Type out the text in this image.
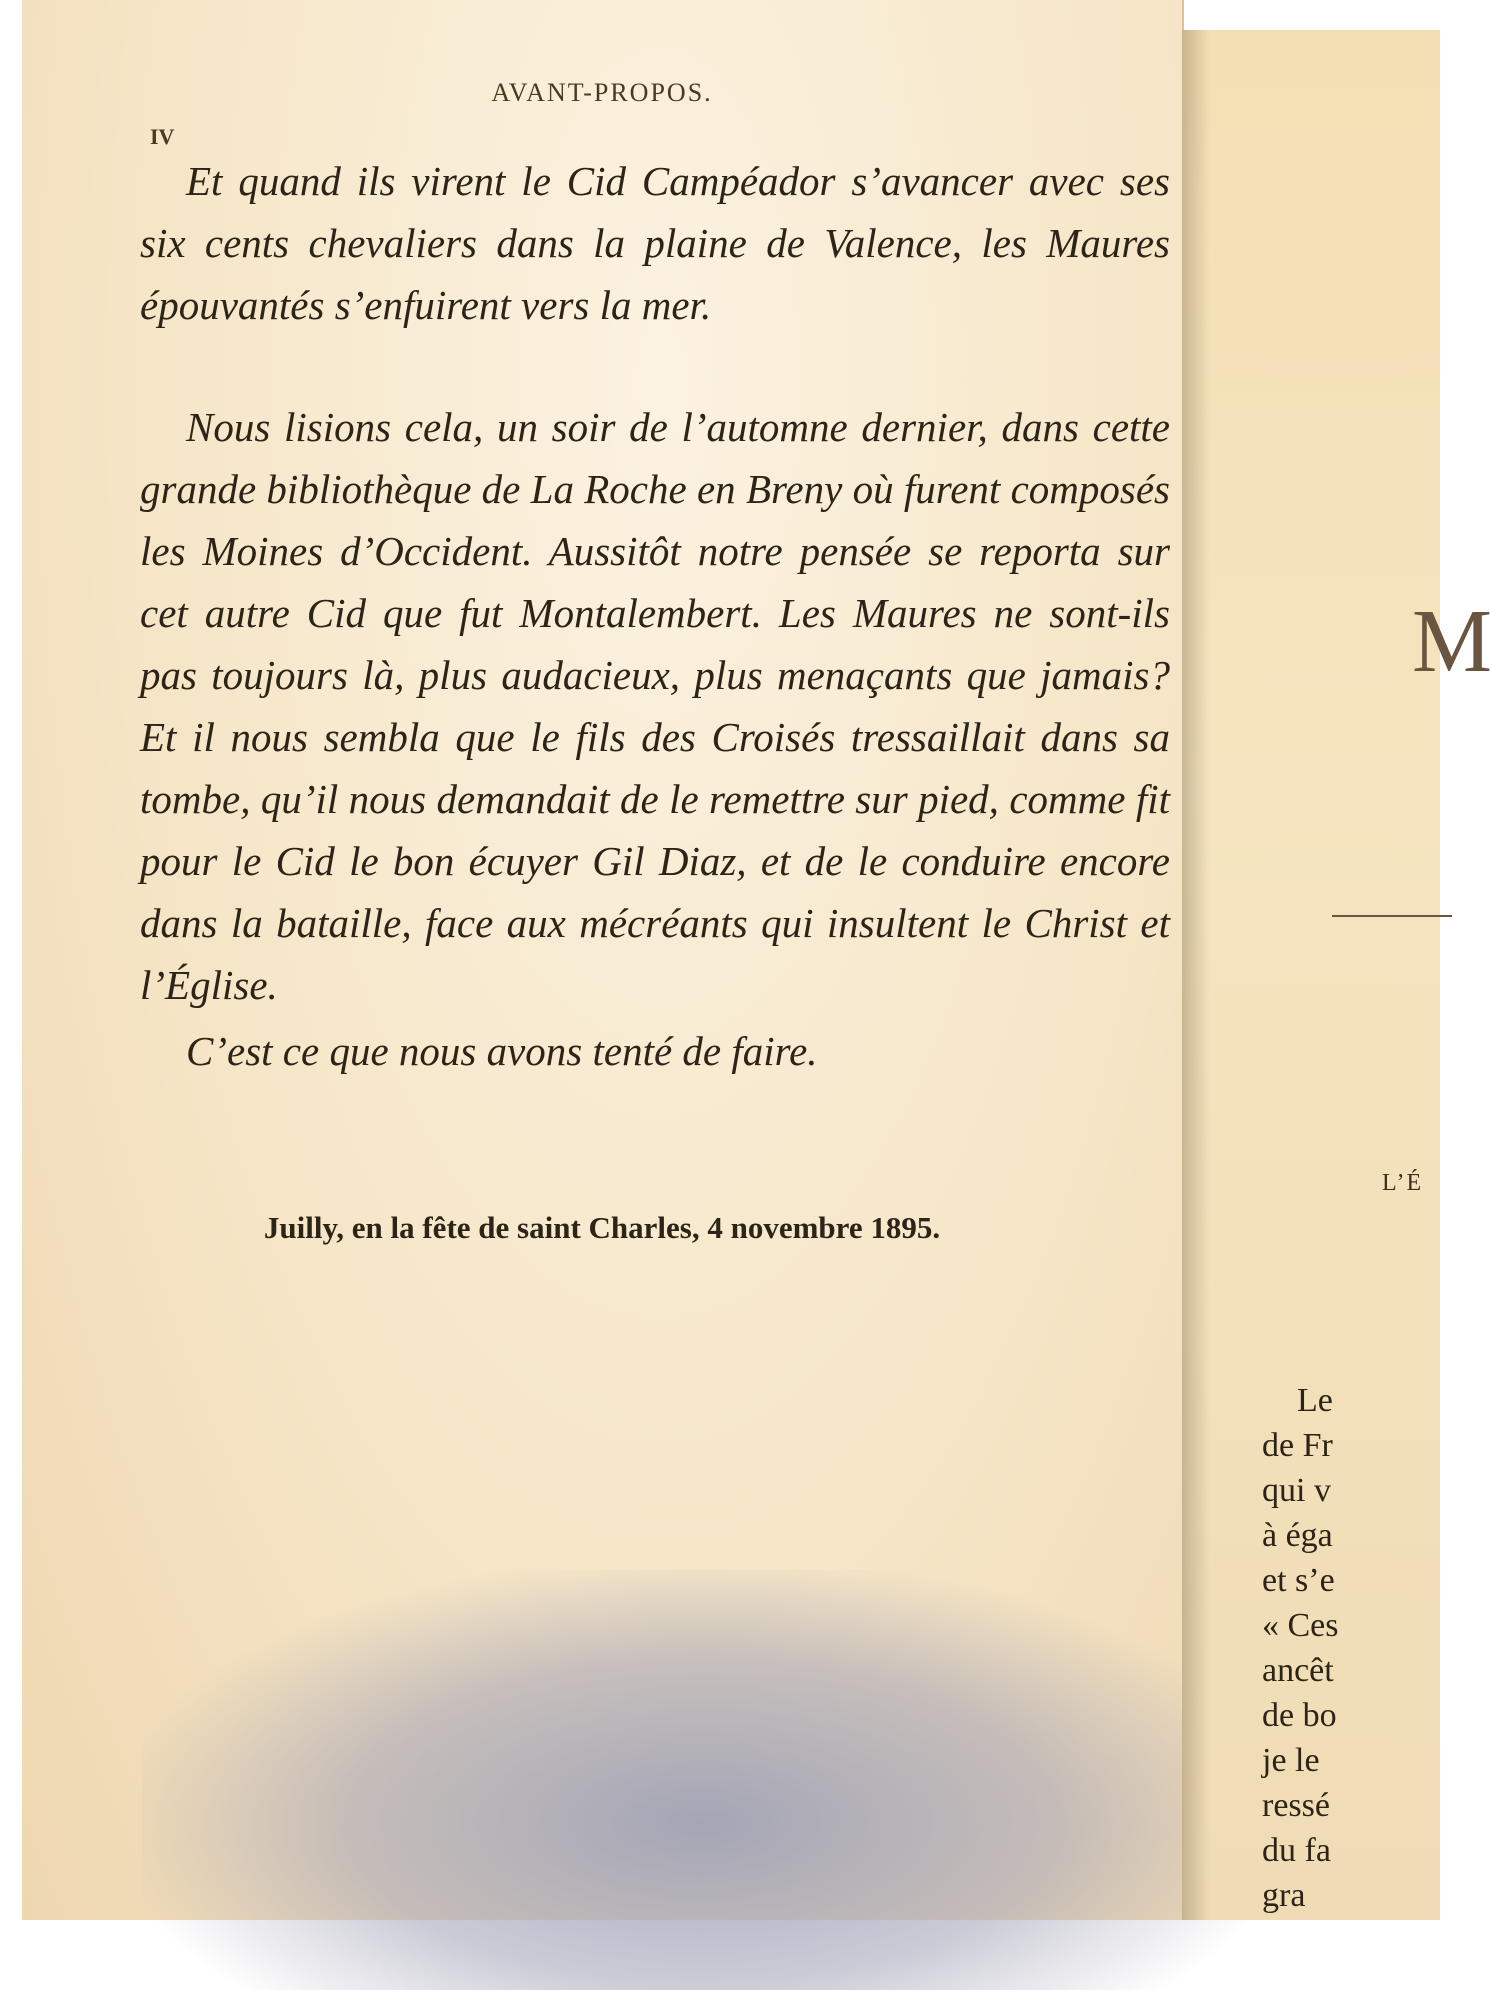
AVANT-PROPOS.
IV

Et quand ils virent le Cid Campéador s’avancer avec ses six cents chevaliers dans la plaine de Valence, les Maures épouvantés s’enfuirent vers la mer.

Nous lisions cela, un soir de l’automne dernier, dans cette grande bibliothèque de La Roche en Breny où furent composés les Moines d’Occident. Aussitôt notre pensée se reporta sur cet autre Cid que fut Montalembert. Les Maures ne sont-ils pas toujours là, plus audacieux, plus menaçants que jamais? Et il nous sembla que le fils des Croisés tressaillait dans sa tombe, qu’il nous demandait de le remettre sur pied, comme fit pour le Cid le bon écuyer Gil Diaz, et de le conduire encore dans la bataille, face aux mécréants qui insultent le Christ et l’Église.

C’est ce que nous avons tenté de faire.

Juilly, en la fête de saint Charles, 4 novembre 1895.
M
L’É
Le
de Fr
qui v
à éga
et s’e
« Ces
ancêt
de bo
je le
ressé
du fa
gra
